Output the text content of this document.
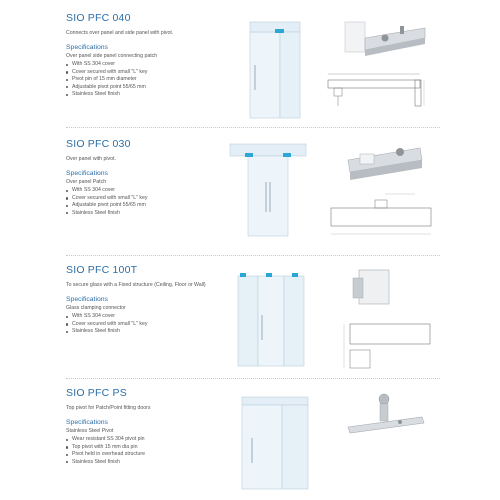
SIO PFC 040

Connects over panel and side panel with pivot.

Specifications

Over panel side panel connecting patch

With SS 304 cover
Cover secured with small "L" key
Pivot pin of 15 mm diameter
Adjustable pivot point 55/65 mm
Stainless Steel finish
SIO PFC 030

Over panel with pivot.

Specifications

Over panel Patch

With SS 304 cover
Cover secured with small "L" key
Adjustable pivot point 55/65 mm
Stainless Steel finish
SIO PFC 100T

To secure glass with a Fixed structure (Ceiling, Floor or Wall)

Specifications

Glass clamping connector

With SS 304 cover
Cover secured with small "L" key
Stainless Steel finish
SIO PFC PS

Top pivot for Patch/Point fitting doors

Specifications

Stainless Steel Pivot

Wear resistant SS 304 pivot pin
Top pivot with 15 mm dia pin
Pivot held in overhead structure
Stainless Steel finish
